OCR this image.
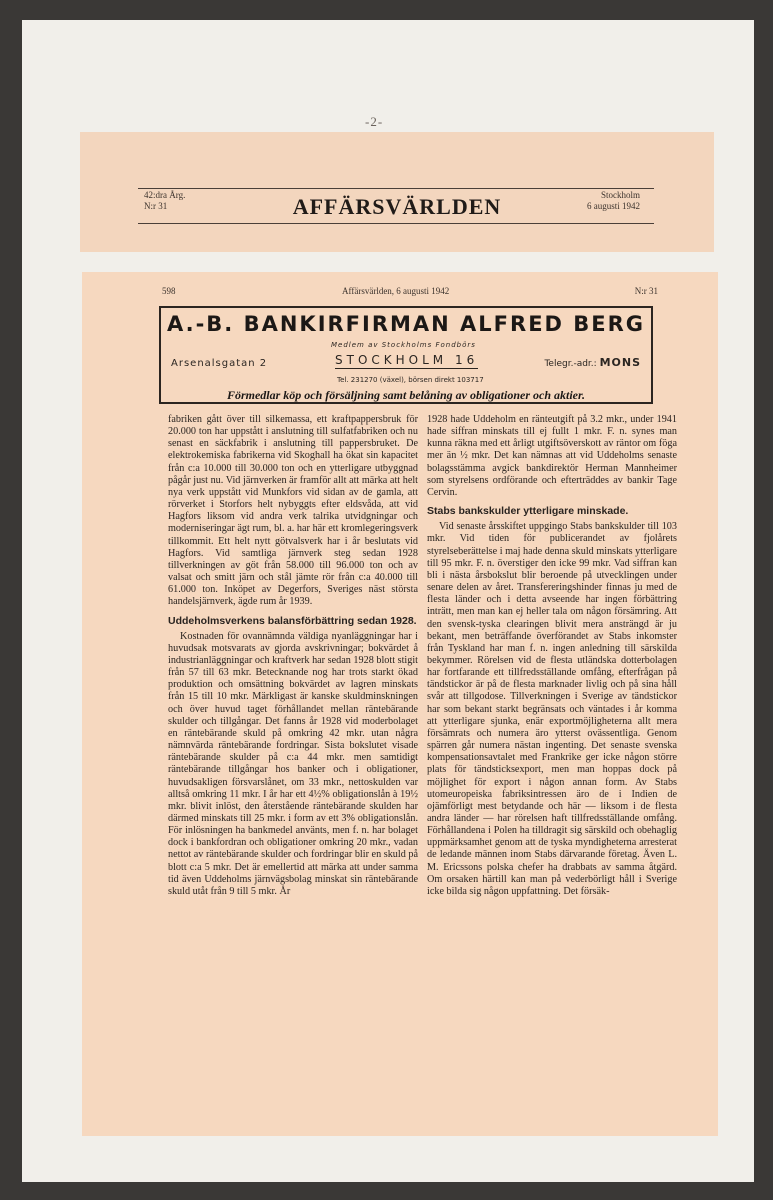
-2-
42:dra Årg.
N:r 31	AFFÄRSVÄRLDEN	Stockholm
6 augusti 1942
598	Affärsvärlden, 6 augusti 1942	N:r 31
A.-B. BANKIRFIRMAN ALFRED BERG
Medlem av Stockholms Fondbörs
Arsenalsgatan 2	STOCKHOLM 16	Telegr.-adr.: MONS
Tel. 231270 (växel), börsen direkt 103717
Förmedlar köp och försäljning samt belåning av obligationer och aktier.

fabriken gått över till silkemassa, ett kraftpappersbruk för 20.000 ton har uppstått i anslutning till sulfatfabriken och nu senast en säckfabrik i anslutning till pappersbruket. De elektrokemiska fabrikerna vid Skoghall ha ökat sin kapacitet från c:a 10.000 till 30.000 ton och en ytterligare utbyggnad pågår just nu. Vid järnverken är framför allt att märka att helt nya verk uppstått vid Munkfors vid sidan av de gamla, att rörverket i Storfors helt nybyggts efter eldsvåda, att vid Hagfors liksom vid andra verk talrika utvidgningar och moderniseringar ägt rum, bl. a. har här ett kromlegeringsverk tillkommit. Ett helt nytt götvalsverk har i år beslutats vid Hagfors. Vid samtliga järnverk steg sedan 1928 tillverkningen av göt från 58.000 till 96.000 ton och av valsat och smitt järn och stål jämte rör från c:a 40.000 till 61.000 ton. Inköpet av Degerfors, Sveriges näst största handelsjärnverk, ägde rum år 1939.

Uddeholmsverkens balansförbättring sedan 1928.

Kostnaden för ovannämnda väldiga nyanläggningar har i huvudsak motsvarats av gjorda avskrivningar; bokvärdet å industrianläggningar och kraftverk har sedan 1928 blott stigit från 57 till 63 mkr. Betecknande nog har trots starkt ökad produktion och omsättning bokvärdet av lagren minskats från 15 till 10 mkr. Märkligast är kanske skuldminskningen och över huvud taget förhållandet mellan räntebärande skulder och tillgångar. Det fanns år 1928 vid moderbolaget en räntebärande skuld på omkring 42 mkr. utan några nämnvärda räntebärande fordringar. Sista bokslutet visade räntebärande skulder på c:a 44 mkr. men samtidigt räntebärande tillgångar hos banker och i obligationer, huvudsakligen försvarslånet, om 33 mkr., nettoskulden var alltså omkring 11 mkr. I år har ett 4½% obligationslån à 19½ mkr. blivit inlöst, den återstående räntebärande skulden har därmed minskats till 25 mkr. i form av ett 3% obligationslån. För inlösningen ha bankmedel använts, men f. n. har bolaget dock i bankfordran och obligationer omkring 20 mkr., vadan nettot av räntebärande skulder och fordringar blir en skuld på blott c:a 5 mkr. Det är emellertid att märka att under samma tid även Uddeholms järnvägsbolag minskat sin räntebärande skuld utåt från 9 till 5 mkr. År

1928 hade Uddeholm en ränteutgift på 3.2 mkr., under 1941 hade siffran minskats till ej fullt 1 mkr. F. n. synes man kunna räkna med ett årligt utgiftsöverskott av räntor om föga mer än ½ mkr. Det kan nämnas att vid Uddeholms senaste bolagsstämma avgick bankdirektör Herman Mannheimer som styrelsens ordförande och efterträddes av bankir Tage Cervin.

Stabs bankskulder ytterligare minskade.

Vid senaste årsskiftet uppgingo Stabs bankskulder till 103 mkr. Vid tiden för publicerandet av fjolårets styrelseberättelse i maj hade denna skuld minskats ytterligare till 95 mkr. F. n. överstiger den icke 99 mkr. Vad siffran kan bli i nästa årsbokslut blir beroende på utvecklingen under senare delen av året. Transfereringshinder finnas ju med de flesta länder och i detta avseende har ingen förbättring inträtt, men man kan ej heller tala om någon försämring. Att den svensk-tyska clearingen blivit mera ansträngd är ju bekant, men beträffande överförandet av Stabs inkomster från Tyskland har man f. n. ingen anledning till särskilda bekymmer. Rörelsen vid de flesta utländska dotterbolagen har fortfarande ett tillfredsställande omfång, efterfrågan på tändstickor är på de flesta marknader livlig och på sina håll svår att tillgodose. Tillverkningen i Sverige av tändstickor har som bekant starkt begränsats och väntades i år komma att ytterligare sjunka, enär exportmöjligheterna allt mera försämrats och numera äro ytterst ovässentliga. Genom spärren går numera nästan ingenting. Det senaste svenska kompensationsavtalet med Frankrike ger icke någon större plats för tändsticksexport, men man hoppas dock på möjlighet för export i någon annan form. Av Stabs utomeuropeiska fabriksintressen äro de i Indien de ojämförligt mest betydande och här — liksom i de flesta andra länder — har rörelsen haft tillfredsställande omfång. Förhållandena i Polen ha tilldragit sig särskild och obehaglig uppmärksamhet genom att de tyska myndigheterna arresterat de ledande männen inom Stabs därvarande företag. Även L. M. Ericssons polska chefer ha drabbats av samma åtgärd. Om orsaken härtill kan man på vederbörligt håll i Sverige icke bilda sig någon uppfattning. Det försäk-
